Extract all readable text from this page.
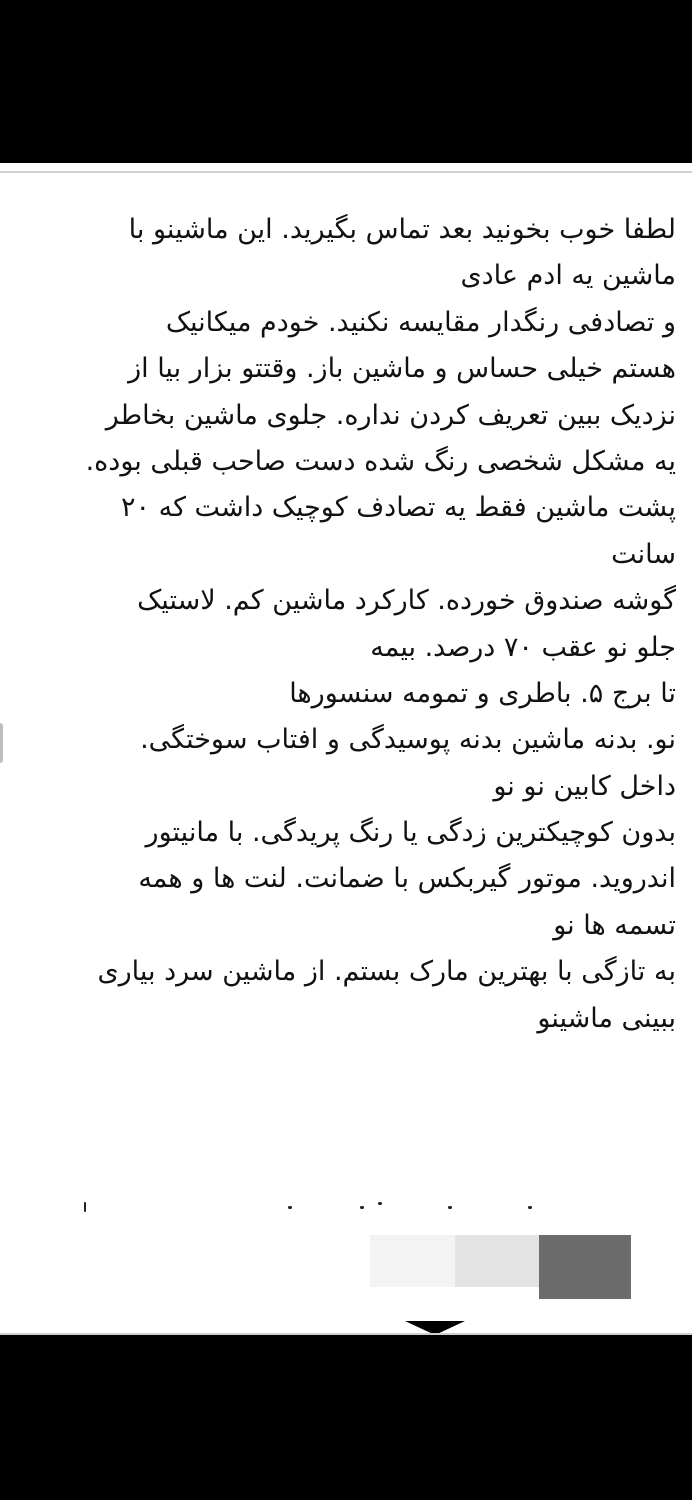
لطفا خوب بخونید بعد تماس بگیرید. این ماشینو با
ماشین یه ادم عادی
و تصادفی رنگدار مقایسه نکنید. خودم میکانیک
هستم خیلی حساس و ماشین باز. وقتتو بزار بیا از
نزدیک ببین تعریف کردن نداره. جلوی ماشین بخاطر
یه مشکل شخصی رنگ شده دست صاحب قبلی بوده.
پشت ماشین فقط یه تصادف کوچیک داشت که ۲۰
سانت
گوشه صندوق خورده. کارکرد ماشین کم. لاستیک
جلو نو عقب ۷۰ درصد. بیمه
تا برج ۵. باطری و تمومه سنسورها
نو. بدنه ماشین بدنه پوسیدگی و افتاب سوختگی.
داخل کابین نو نو
بدون کوچیکترین زدگی یا رنگ پریدگی. با مانیتور
اندروید. موتور گیربکس با ضمانت. لنت ها و همه
تسمه ها نو
به تازگی با بهترین مارک بستم. از ماشین سرد بیاری
ببینی ماشینو
